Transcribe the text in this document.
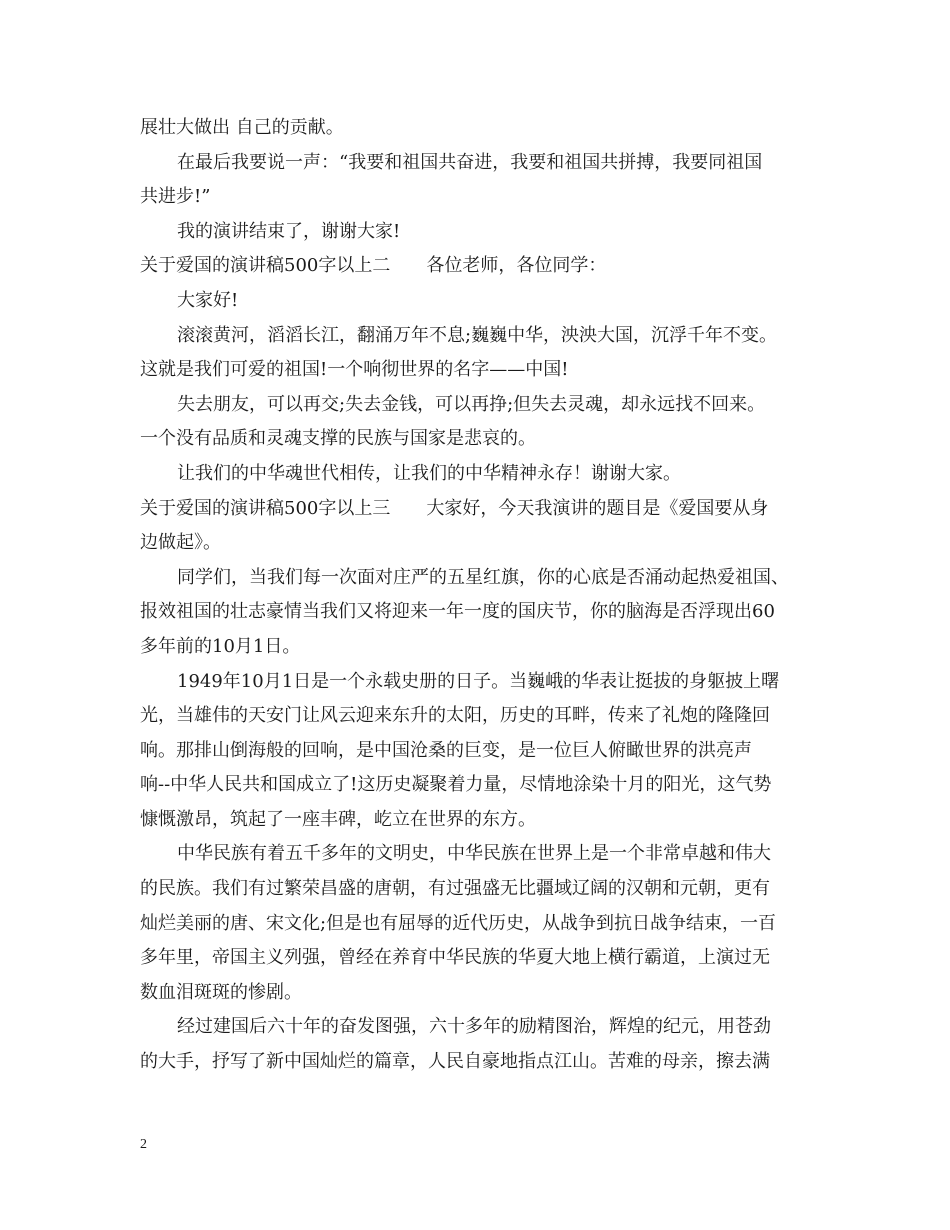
展壮大做出 自己的贡献。
在最后我要说一声：“我要和祖国共奋进，我要和祖国共拼搏，我要同祖国
共进步!”
我的演讲结束了，谢谢大家!
关于爱国的演讲稿500字以上二 各位老师，各位同学：
大家好!
滚滚黄河，滔滔长江，翻涌万年不息;巍巍中华，泱泱大国，沉浮千年不变。
这就是我们可爱的祖国!一个响彻世界的名字——中国!
失去朋友，可以再交;失去金钱，可以再挣;但失去灵魂，却永远找不回来。
一个没有品质和灵魂支撑的民族与国家是悲哀的。
让我们的中华魂世代相传，让我们的中华精神永存！谢谢大家。
关于爱国的演讲稿500字以上三 大家好，今天我演讲的题目是《爱国要从身
边做起》。
同学们，当我们每一次面对庄严的五星红旗，你的心底是否涌动起热爱祖国、
报效祖国的壮志豪情当我们又将迎来一年一度的国庆节，你的脑海是否浮现出60
多年前的10月1日。
1949年10月1日是一个永载史册的日子。当巍峨的华表让挺拔的身躯披上曙
光，当雄伟的天安门让风云迎来东升的太阳，历史的耳畔，传来了礼炮的隆隆回
响。那排山倒海般的回响，是中国沧桑的巨变，是一位巨人俯瞰世界的洪亮声
响--中华人民共和国成立了!这历史凝聚着力量，尽情地涂染十月的阳光，这气势
慷慨激昂，筑起了一座丰碑，屹立在世界的东方。
中华民族有着五千多年的文明史，中华民族在世界上是一个非常卓越和伟大
的民族。我们有过繁荣昌盛的唐朝，有过强盛无比疆域辽阔的汉朝和元朝，更有
灿烂美丽的唐、宋文化;但是也有屈辱的近代历史，从战争到抗日战争结束，一百
多年里，帝国主义列强，曾经在养育中华民族的华夏大地上横行霸道，上演过无
数血泪斑斑的惨剧。
经过建国后六十年的奋发图强，六十多年的励精图治，辉煌的纪元，用苍劲
的大手，抒写了新中国灿烂的篇章，人民自豪地指点江山。苦难的母亲，擦去满
2
